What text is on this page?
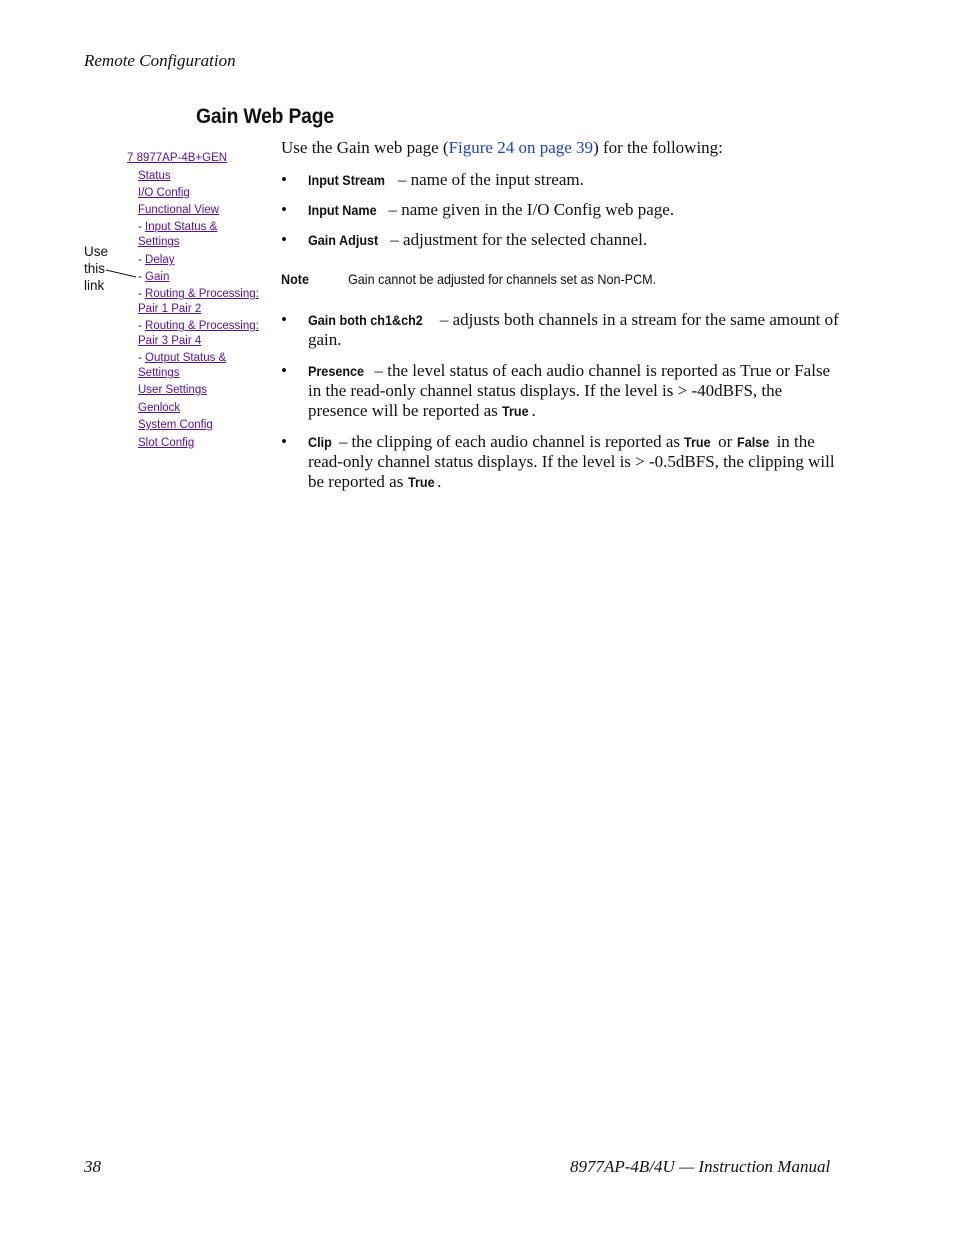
Remote Configuration
Gain Web Page
7 8977AP-4B+GEN
Status
I/O Config
Functional View
- Input Status &
Settings
- Delay
- Gain
- Routing & Processing:
Pair 1 Pair 2
- Routing & Processing:
Pair 3 Pair 4
- Output Status &
Settings
User Settings
Genlock
System Config
Slot Config
Use
this
link
Use the Gain web page (Figure 24 on page 39) for the following:
• Input Stream – name of the input stream.
• Input Name – name given in the I/O Config web page.
• Gain Adjust – adjustment for the selected channel.
Note	Gain cannot be adjusted for channels set as Non-PCM.
• Gain both ch1&ch2 – adjusts both channels in a stream for the same amount of gain.
• Presence – the level status of each audio channel is reported as True or False in the read-only channel status displays. If the level is > -40dBFS, the presence will be reported as True .
• Clip – the clipping of each audio channel is reported as True or False in the read-only channel status displays. If the level is > -0.5dBFS, the clipping will be reported as True .
38	8977AP-4B/4U — Instruction Manual
